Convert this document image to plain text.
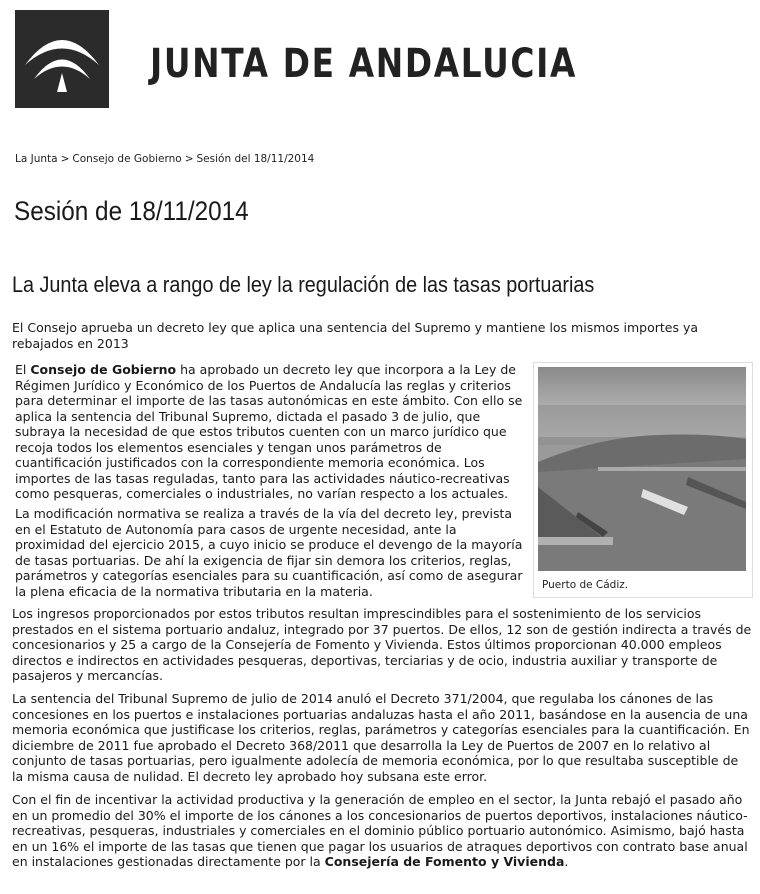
JUNTA DE ANDALUCIA
La Junta > Consejo de Gobierno > Sesión del 18/11/2014
Sesión de 18/11/2014
La Junta eleva a rango de ley la regulación de las tasas portuarias

El Consejo aprueba un decreto ley que aplica una sentencia del Supremo y mantiene los mismos importes ya rebajados en 2013

El Consejo de Gobierno ha aprobado un decreto ley que incorpora a la Ley de Régimen Jurídico y Económico de los Puertos de Andalucía las reglas y criterios para determinar el importe de las tasas autonómicas en este ámbito. Con ello se aplica la sentencia del Tribunal Supremo, dictada el pasado 3 de julio, que subraya la necesidad de que estos tributos cuenten con un marco jurídico que recoja todos los elementos esenciales y tengan unos parámetros de cuantificación justificados con la correspondiente memoria económica. Los importes de las tasas reguladas, tanto para las actividades náutico-recreativas como pesqueras, comerciales o industriales, no varían respecto a los actuales.

La modificación normativa se realiza a través de la vía del decreto ley, prevista en el Estatuto de Autonomía para casos de urgente necesidad, ante la proximidad del ejercicio 2015, a cuyo inicio se produce el devengo de la mayoría de tasas portuarias. De ahí la exigencia de fijar sin demora los criterios, reglas, parámetros y categorías esenciales para su cuantificación, así como de asegurar la plena eficacia de la normativa tributaria en la materia.	Puerto de Cádiz.

Los ingresos proporcionados por estos tributos resultan imprescindibles para el sostenimiento de los servicios prestados en el sistema portuario andaluz, integrado por 37 puertos. De ellos, 12 son de gestión indirecta a través de concesionarios y 25 a cargo de la Consejería de Fomento y Vivienda. Estos últimos proporcionan 40.000 empleos directos e indirectos en actividades pesqueras, deportivas, terciarias y de ocio, industria auxiliar y transporte de pasajeros y mercancías.

La sentencia del Tribunal Supremo de julio de 2014 anuló el Decreto 371/2004, que regulaba los cánones de las concesiones en los puertos e instalaciones portuarias andaluzas hasta el año 2011, basándose en la ausencia de una memoria económica que justificase los criterios, reglas, parámetros y categorías esenciales para la cuantificación. En diciembre de 2011 fue aprobado el Decreto 368/2011 que desarrolla la Ley de Puertos de 2007 en lo relativo al conjunto de tasas portuarias, pero igualmente adolecía de memoria económica, por lo que resultaba susceptible de la misma causa de nulidad. El decreto ley aprobado hoy subsana este error.

Con el fin de incentivar la actividad productiva y la generación de empleo en el sector, la Junta rebajó el pasado año en un promedio del 30% el importe de los cánones a los concesionarios de puertos deportivos, instalaciones náutico-recreativas, pesqueras, industriales y comerciales en el dominio público portuario autonómico. Asimismo, bajó hasta en un 16% el importe de las tasas que tienen que pagar los usuarios de atraques deportivos con contrato base anual en instalaciones gestionadas directamente por la Consejería de Fomento y Vivienda.
